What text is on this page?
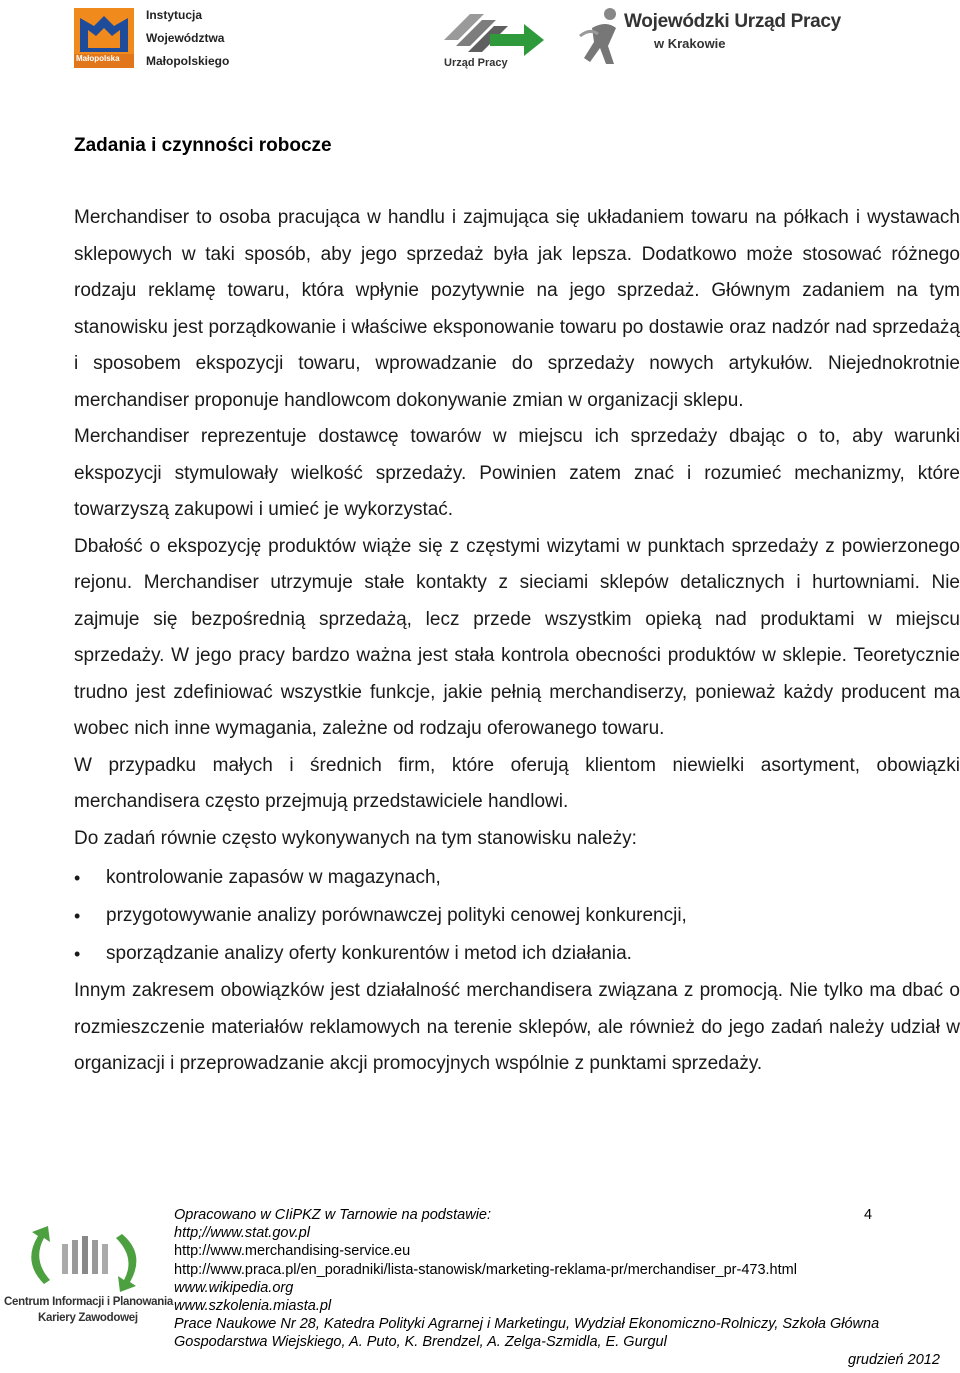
Małopolska
Instytucja
Województwa
Małopolskiego	Urząd Pracy
Wojewódzki Urząd Pracy
w Krakowie
Zadania i czynności robocze

Merchandiser to osoba pracująca w handlu i zajmująca się układaniem towaru na półkach i wystawach sklepowych w taki sposób, aby jego sprzedaż była jak lepsza. Dodatkowo może stosować różnego rodzaju reklamę towaru, która wpłynie pozytywnie na jego sprzedaż. Głównym zadaniem na tym stanowisku jest porządkowanie i właściwe eksponowanie towaru po dostawie oraz nadzór nad sprzedażą i sposobem ekspozycji towaru, wprowadzanie do sprzedaży nowych artykułów. Niejednokrotnie merchandiser proponuje handlowcom dokonywanie zmian w organizacji sklepu.

Merchandiser reprezentuje dostawcę towarów w miejscu ich sprzedaży dbając o to, aby warunki ekspozycji stymulowały wielkość sprzedaży. Powinien zatem znać i rozumieć mechanizmy, które towarzyszą zakupowi i umieć je wykorzystać.

Dbałość o ekspozycję produktów wiąże się z częstymi wizytami w punktach sprzedaży z powierzonego rejonu. Merchandiser utrzymuje stałe kontakty z sieciami sklepów detalicznych i hurtowniami. Nie zajmuje się bezpośrednią sprzedażą, lecz przede wszystkim opieką nad produktami w miejscu sprzedaży. W jego pracy bardzo ważna jest stała kontrola obecności produktów w sklepie. Teoretycznie trudno jest zdefiniować wszystkie funkcje, jakie pełnią merchandiserzy, ponieważ każdy producent ma wobec nich inne wymagania, zależne od rodzaju oferowanego towaru.

W przypadku małych i średnich firm, które oferują klientom niewielki asortyment, obowiązki merchandisera często przejmują przedstawiciele handlowi.

Do zadań równie często wykonywanych na tym stanowisku należy:

• kontrolowanie zapasów w magazynach,
• przygotowywanie analizy porównawczej polityki cenowej konkurencji,
• sporządzanie analizy oferty konkurentów i metod ich działania.

Innym zakresem obowiązków jest działalność merchandisera związana z promocją. Nie tylko ma dbać o rozmieszczenie materiałów reklamowych na terenie sklepów, ale również do jego zadań należy udział w organizacji i przeprowadzanie akcji promocyjnych wspólnie z punktami sprzedaży.

Centrum Informacji i Planowania
Kariery Zawodowej
Opracowano w CIiPKZ w Tarnowie na podstawie:
http;//www.stat.gov.pl
http://www.merchandising-service.eu
http://www.praca.pl/en_poradniki/lista-stanowisk/marketing-reklama-pr/merchandiser_pr-473.html
www.wikipedia.org
www.szkolenia.miasta.pl
Prace Naukowe Nr 28, Katedra Polityki Agrarnej i Marketingu, Wydział Ekonomiczno-Rolniczy, Szkoła Główna Gospodarstwa Wiejskiego, A. Puto, K. Brendzel, A. Zelga-Szmidla, E. Gurgul
4
grudzień 2012
